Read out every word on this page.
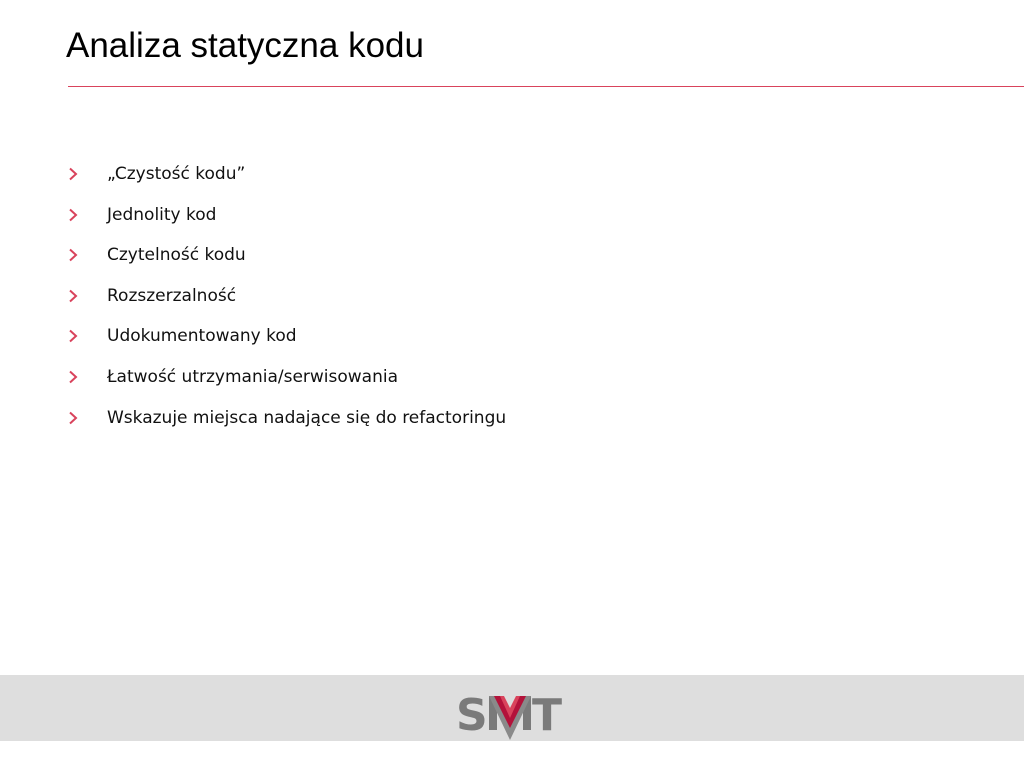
Analiza statyczna kodu
„Czystość kodu”
Jednolity kod
Czytelność kodu
Rozszerzalność
Udokumentowany kod
Łatwość utrzymania/serwisowania
Wskazuje miejsca nadające się do refactoringu
S T
